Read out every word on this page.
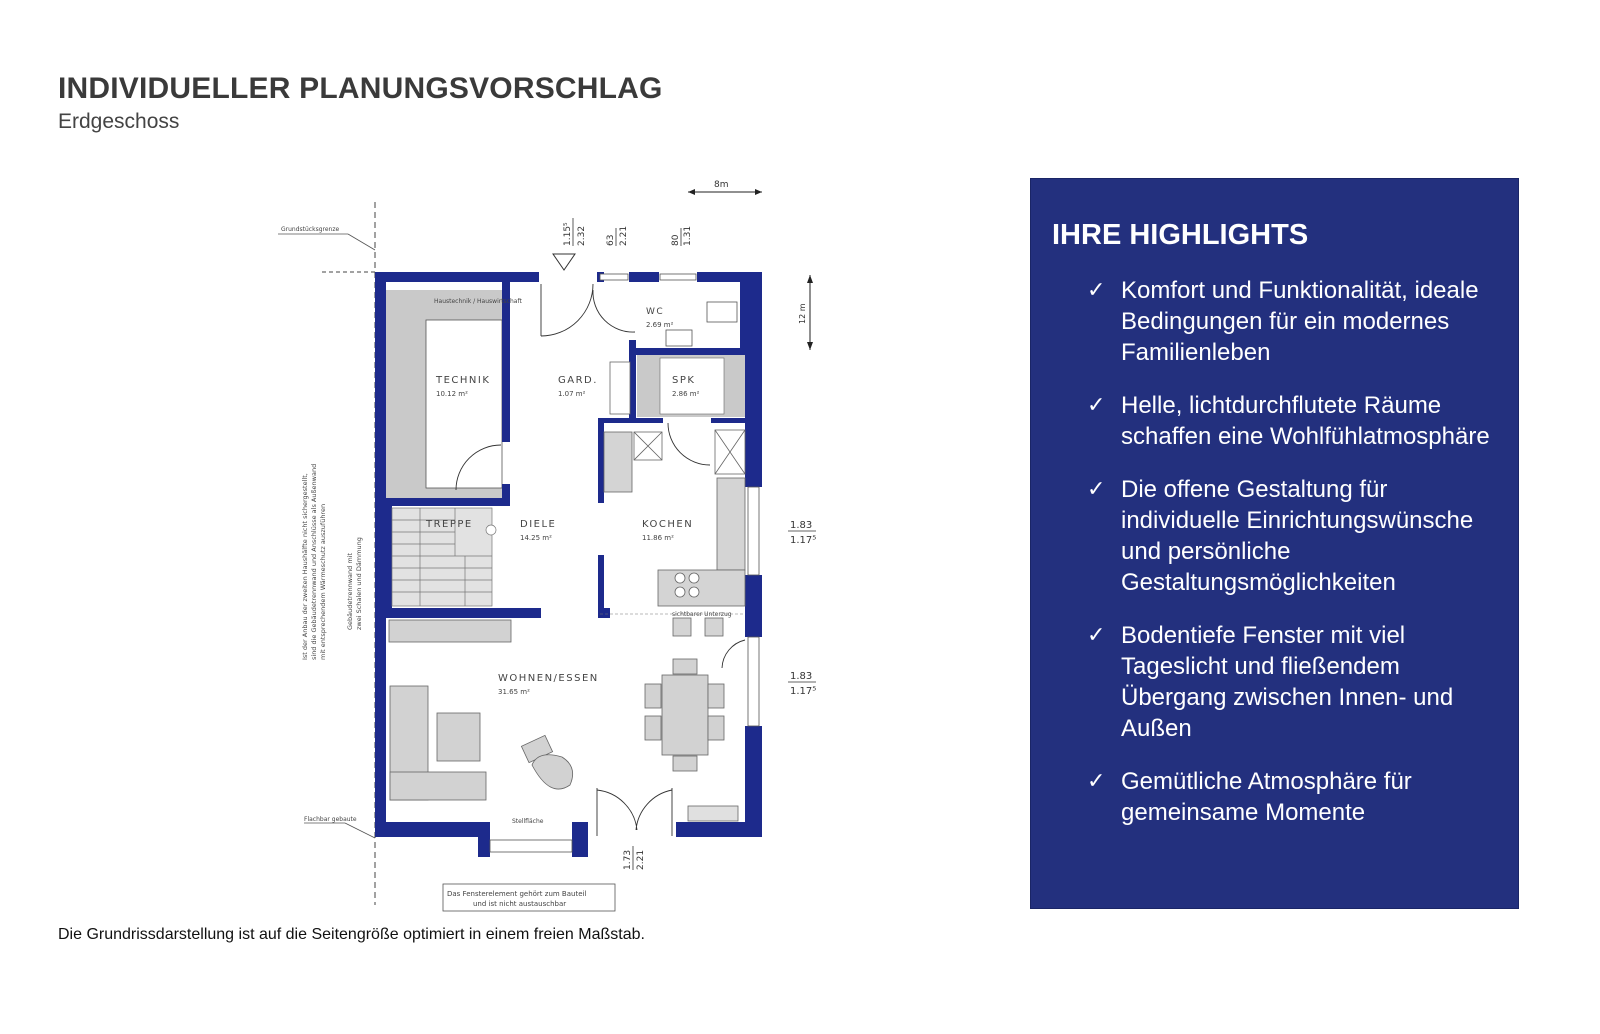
INDIVIDUELLER PLANUNGSVORSCHLAG
Erdgeschoss
Grundstücksgrenze
8m
12 m
1.15⁵ 2.32 63 2.21	80 1.31
1.83
1.17⁵
1.83
1.17⁵
1.73 2.21
Ist der Anbau der zweiten Haushälfte nicht sichergestellt, sind die Gebäudetrennwand und Anschlüsse als Außenwand mit entsprechendem Wärmeschutz auszuführen	Gebäudetrennwand mit zwei Schalen und Dämmung
Flachbar gebaute
Haustechnik / Hauswirtschaft
TECHNIK
10.12 m²
GARD.
1.07 m²
WC
2.69 m²
SPK
2.86 m²
TREPPE	DIELE
14.25 m²
KOCHEN
11.86 m²
WOHNEN/ESSEN
31.65 m²
sichtbarer Unterzug
Stellfläche
Das Fensterelement gehört zum Bauteil
und ist nicht austauschbar
Die Grundrissdarstellung ist auf die Seitengröße optimiert in einem freien Maßstab.
IHRE HIGHLIGHTS
✓ Komfort und Funktionalität, ideale Bedingungen für ein modernes Familienleben
✓ Helle, lichtdurchflutete Räume schaffen eine Wohlfühlatmosphäre
✓ Die offene Gestaltung für individuelle Einrichtungswünsche und persönliche Gestaltungsmöglichkeiten
✓ Bodentiefe Fenster mit viel Tageslicht und fließendem Übergang zwischen Innen- und Außen
✓ Gemütliche Atmosphäre für gemeinsame Momente
